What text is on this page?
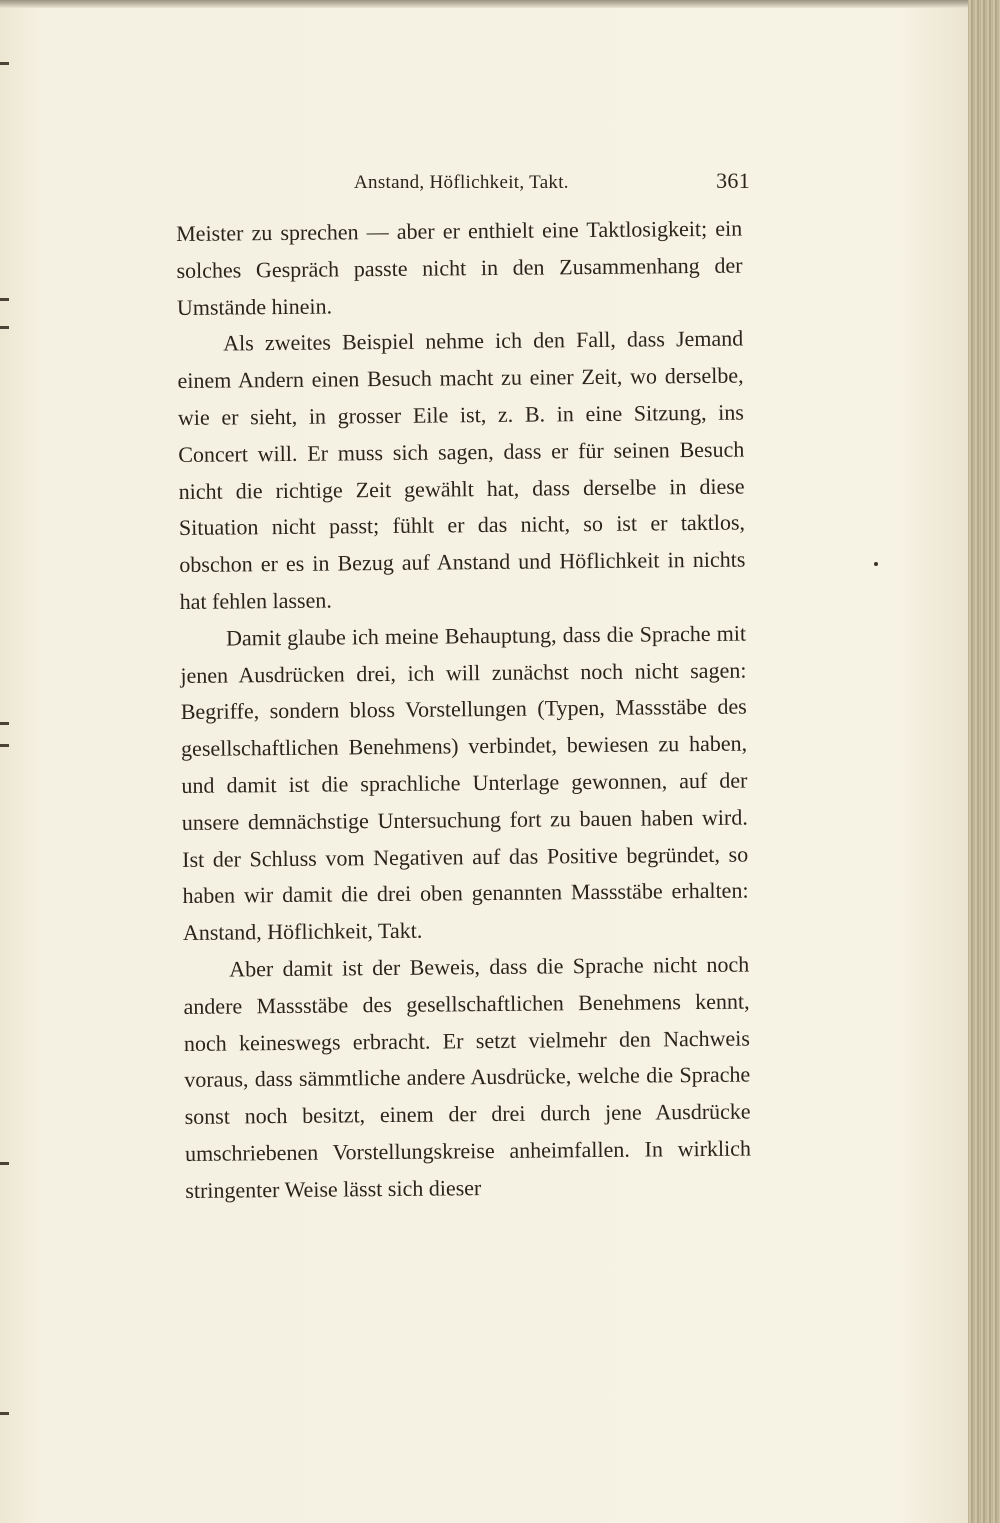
Anstand, Höflichkeit, Takt.	361

Meister zu sprechen — aber er enthielt eine Taktlosigkeit; ein solches Gespräch passte nicht in den Zusammenhang der Umstände hinein.

Als zweites Beispiel nehme ich den Fall, dass Jemand einem Andern einen Besuch macht zu einer Zeit, wo derselbe, wie er sieht, in grosser Eile ist, z. B. in eine Sitzung, ins Concert will. Er muss sich sagen, dass er für seinen Besuch nicht die richtige Zeit gewählt hat, dass derselbe in diese Situation nicht passt; fühlt er das nicht, so ist er taktlos, obschon er es in Bezug auf Anstand und Höflichkeit in nichts hat fehlen lassen.

Damit glaube ich meine Behauptung, dass die Sprache mit jenen Ausdrücken drei, ich will zunächst noch nicht sagen: Begriffe, sondern bloss Vorstellungen (Typen, Massstäbe des gesellschaftlichen Benehmens) verbindet, bewiesen zu haben, und damit ist die sprachliche Unterlage gewonnen, auf der unsere demnächstige Untersuchung fort zu bauen haben wird. Ist der Schluss vom Negativen auf das Positive begründet, so haben wir damit die drei oben genannten Massstäbe erhalten: Anstand, Höflichkeit, Takt.

Aber damit ist der Beweis, dass die Sprache nicht noch andere Massstäbe des gesellschaftlichen Benehmens kennt, noch keineswegs erbracht. Er setzt vielmehr den Nachweis voraus, dass sämmtliche andere Ausdrücke, welche die Sprache sonst noch besitzt, einem der drei durch jene Ausdrücke umschriebenen Vorstellungskreise anheimfallen. In wirklich stringenter Weise lässt sich dieser
